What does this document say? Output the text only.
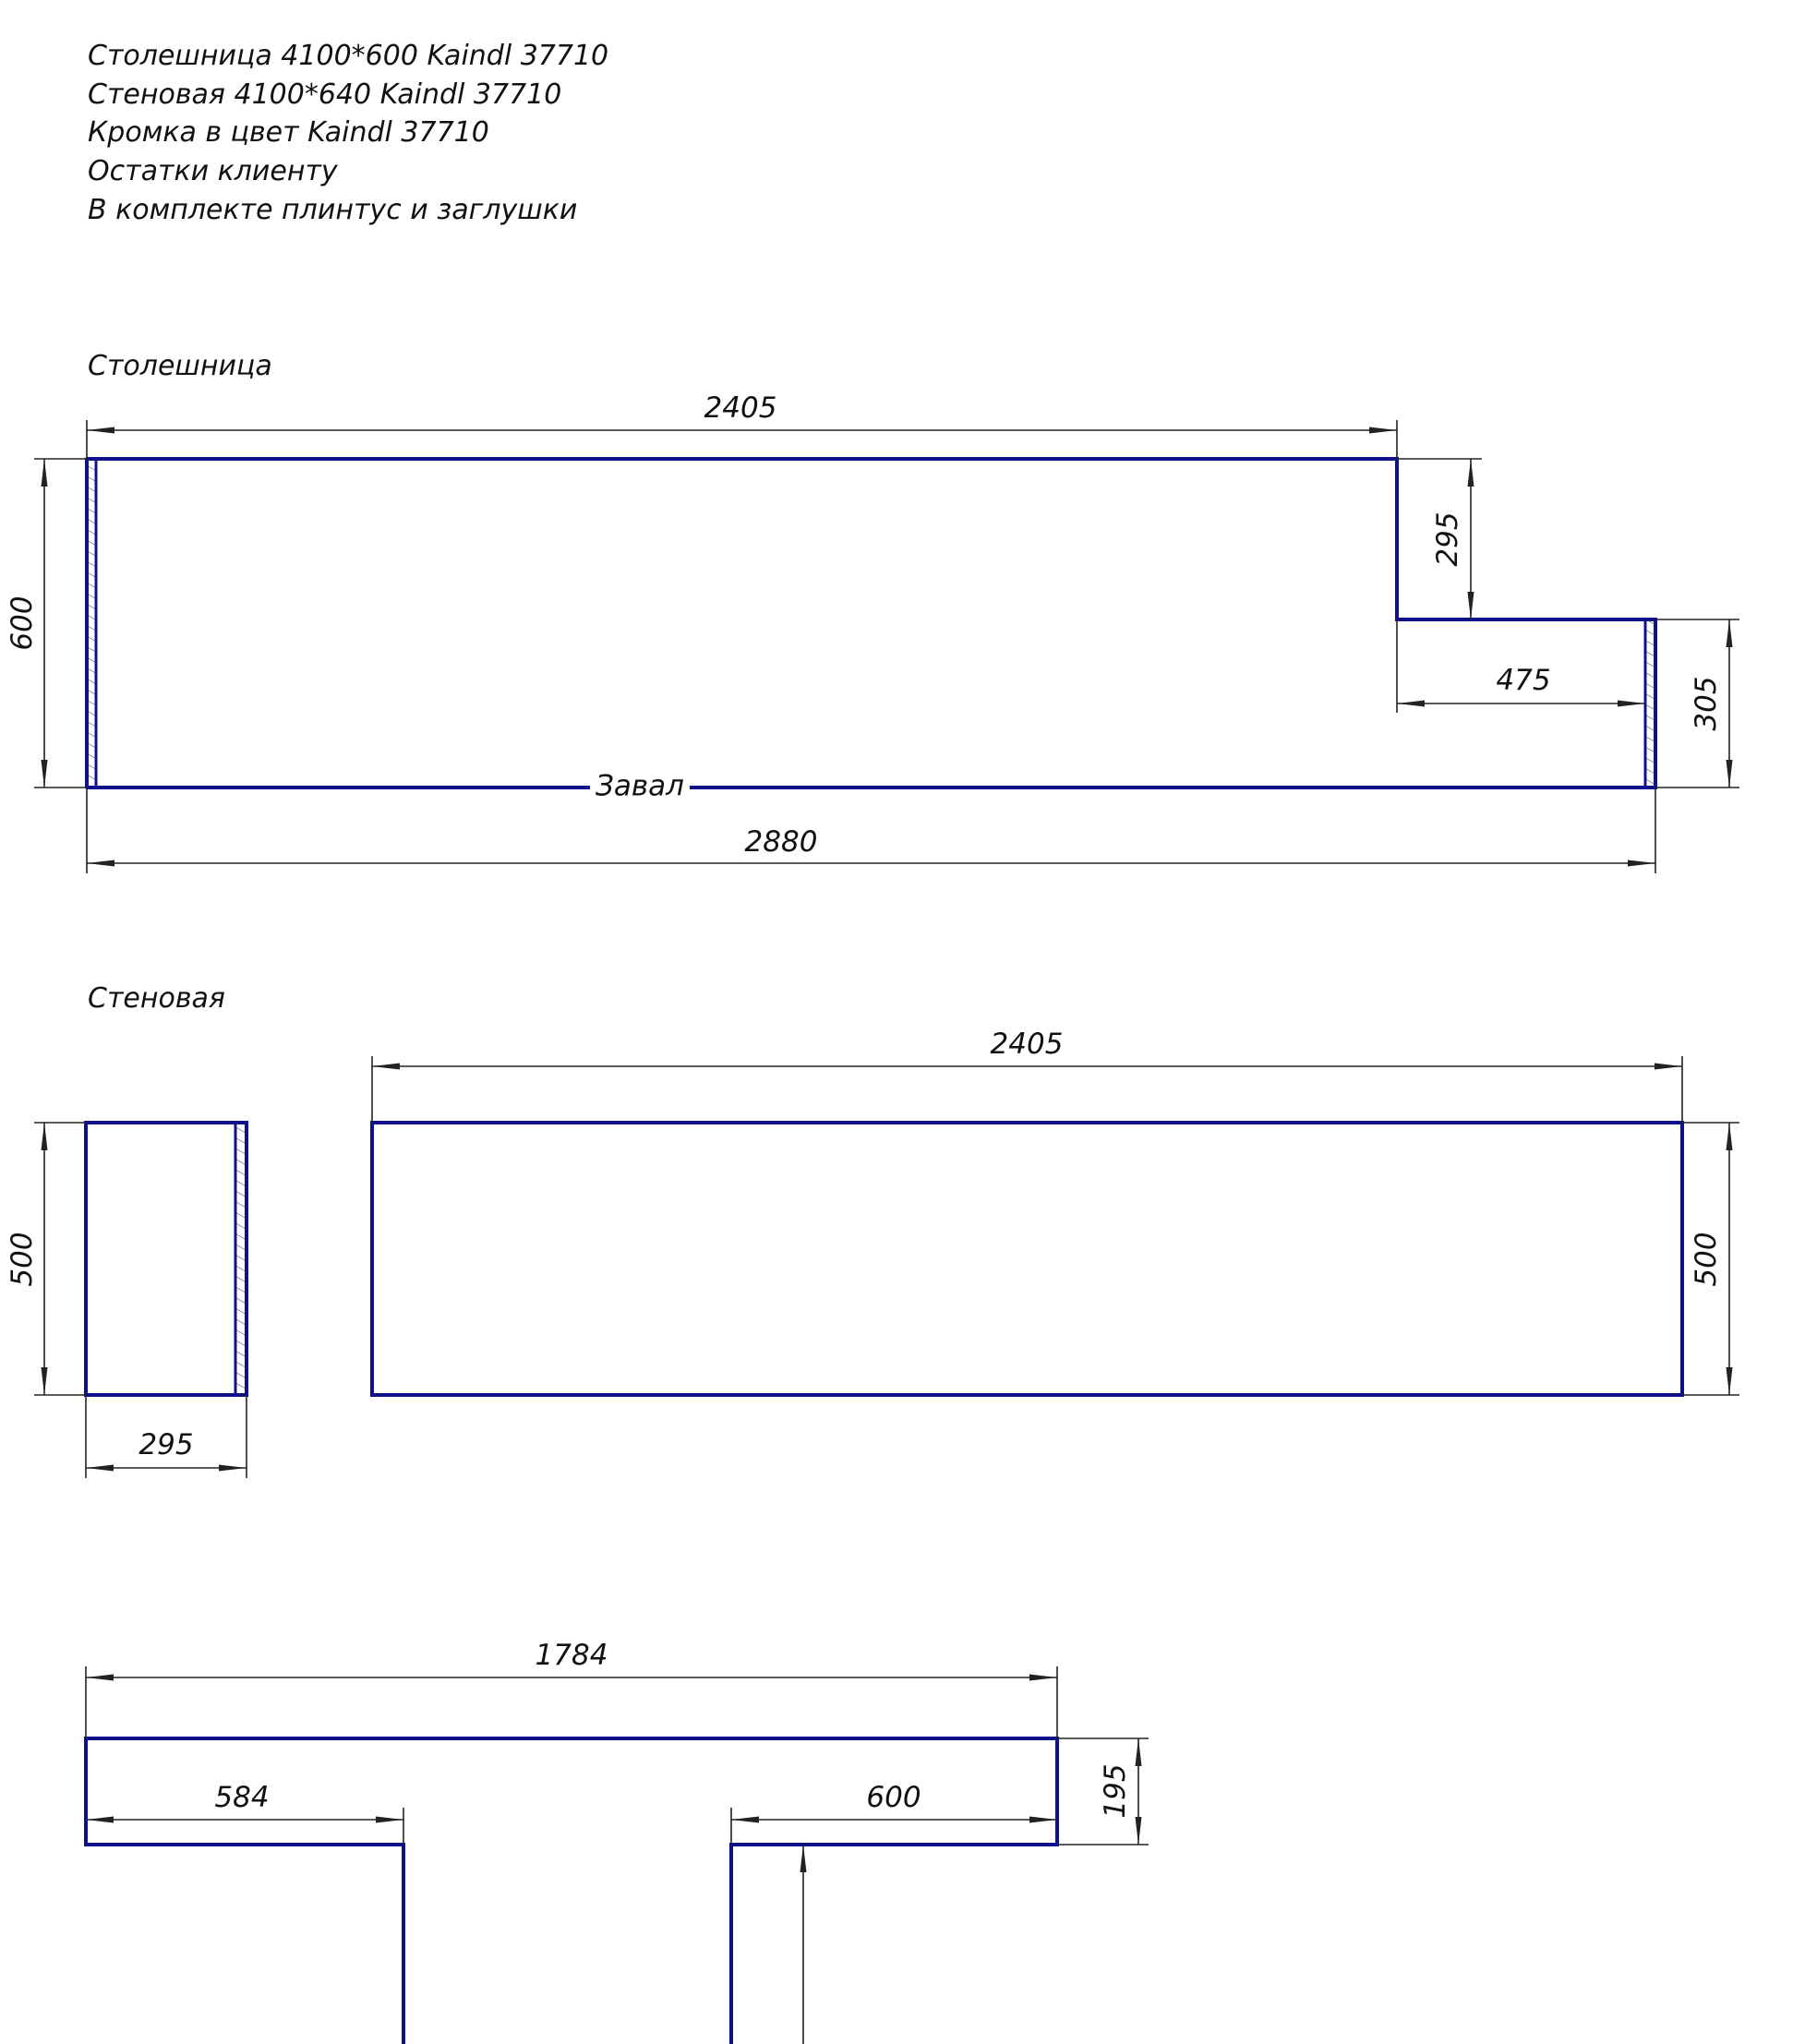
Столешница 4100*600 Kaindl 37710
Стеновая 4100*640 Kaindl 37710
Кромка в цвет Kaindl 37710
Остатки клиенту
В комплекте плинтус и заглушки
Столешница
Завал
2405
600
295
475	305
2880
Стеновая
500
295
2405
500
1784
584	600	195
